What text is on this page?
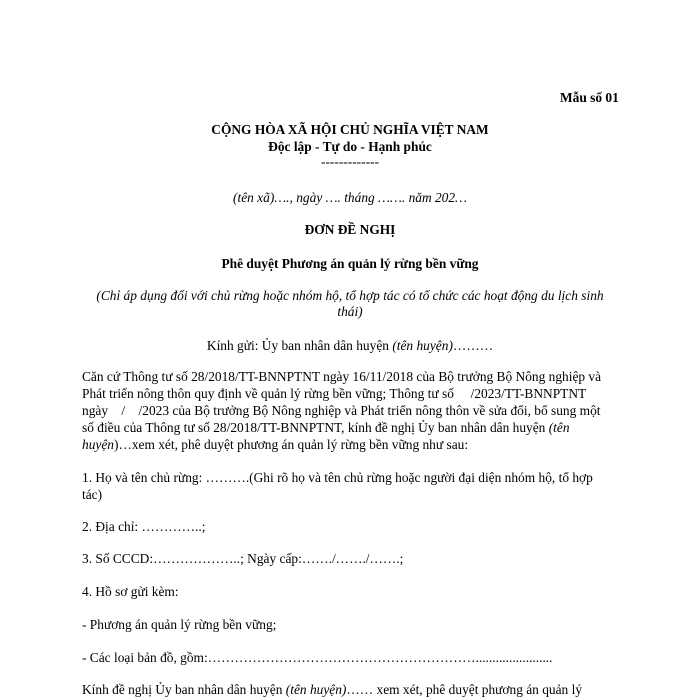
Mẫu số 01
CỘNG HÒA XÃ HỘI CHỦ NGHĨA VIỆT NAM
Độc lập - Tự do - Hạnh phúc
-------------
(tên xã)…., ngày …. tháng ……. năm 202…
ĐƠN ĐỀ NGHỊ
Phê duyệt Phương án quản lý rừng bền vững
(Chỉ áp dụng đối với chủ rừng hoặc nhóm hộ, tổ hợp tác có tổ chức các hoạt động du lịch sinh
thái)
Kính gửi: Ủy ban nhân dân huyện (tên huyện)………
Căn cứ Thông tư số 28/2018/TT-BNNPTNT ngày 16/11/2018 của Bộ trưởng Bộ Nông nghiệp và
Phát triển nông thôn quy định về quản lý rừng bền vững; Thông tư số     /2023/TT-BNNPTNT
ngày    /    /2023 của Bộ trưởng Bộ Nông nghiệp và Phát triển nông thôn về sửa đổi, bổ sung một
số điều của Thông tư số 28/2018/TT-BNNPTNT, kính đề nghị Ủy ban nhân dân huyện (tên
huyện)…xem xét, phê duyệt phương án quản lý rừng bền vững như sau:
1. Họ và tên chủ rừng: ……….(Ghi rõ họ và tên chủ rừng hoặc người đại diện nhóm hộ, tổ hợp
tác)
2. Địa chỉ: …………..;
3. Số CCCD:………………..; Ngày cấp:……./……./…….;
4. Hồ sơ gửi kèm:
- Phương án quản lý rừng bền vững;
- Các loại bản đồ, gồm:…………………………………………………….......................
Kính đề nghị Ủy ban nhân dân huyện (tên huyện)…… xem xét, phê duyệt phương án quản lý
